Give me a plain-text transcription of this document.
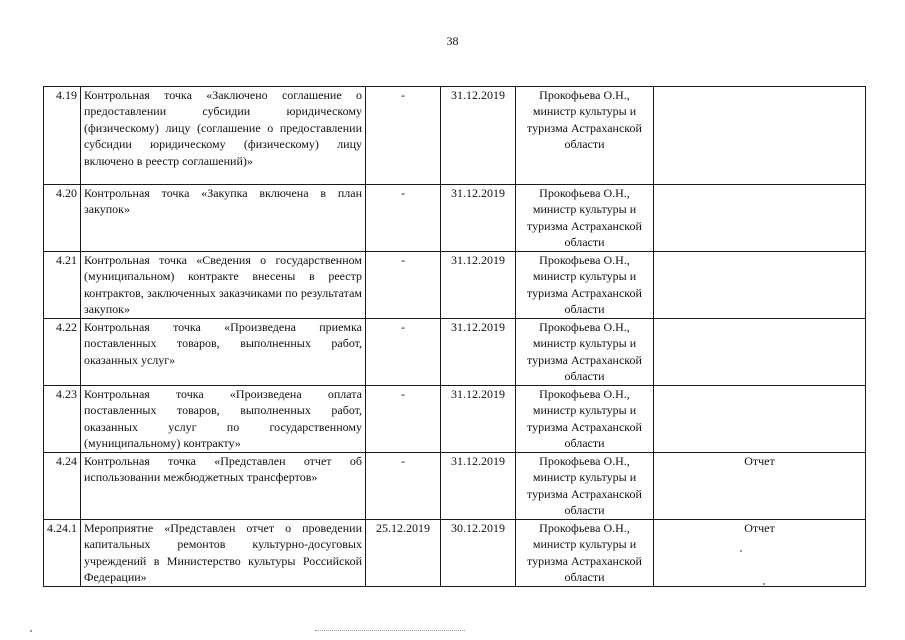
38
4.19	Контрольная точка «Заключено соглашение о предоставлении субсидии юридическому (физическому) лицу (соглашение о предоставлении субсидии юридическому (физическому) лицу включено в реестр соглашений)»	-	31.12.2019	Прокофьева О.Н., министр культуры и туризма Астраханской области	
4.20	Контрольная точка «Закупка включена в план закупок»	-	31.12.2019	Прокофьева О.Н., министр культуры и туризма Астраханской области	
4.21	Контрольная точка «Сведения о государственном (муниципальном) контракте внесены в реестр контрактов, заключенных заказчиками по результатам закупок»	-	31.12.2019	Прокофьева О.Н., министр культуры и туризма Астраханской области	
4.22	Контрольная точка «Произведена приемка поставленных товаров, выполненных работ, оказанных услуг»	-	31.12.2019	Прокофьева О.Н., министр культуры и туризма Астраханской области	
4.23	Контрольная точка «Произведена оплата поставленных товаров, выполненных работ, оказанных услуг по государственному (муниципальному) контракту»	-	31.12.2019	Прокофьева О.Н., министр культуры и туризма Астраханской области	
4.24	Контрольная точка «Представлен отчет об использовании межбюджетных трансфертов»	-	31.12.2019	Прокофьева О.Н., министр культуры и туризма Астраханской области	Отчет
4.24.1	Мероприятие «Представлен отчет о проведении капитальных ремонтов культурно-досуговых учреждений в Министерство культуры Российской Федерации»	25.12.2019	30.12.2019	Прокофьева О.Н., министр культуры и туризма Астраханской области	Отчет
